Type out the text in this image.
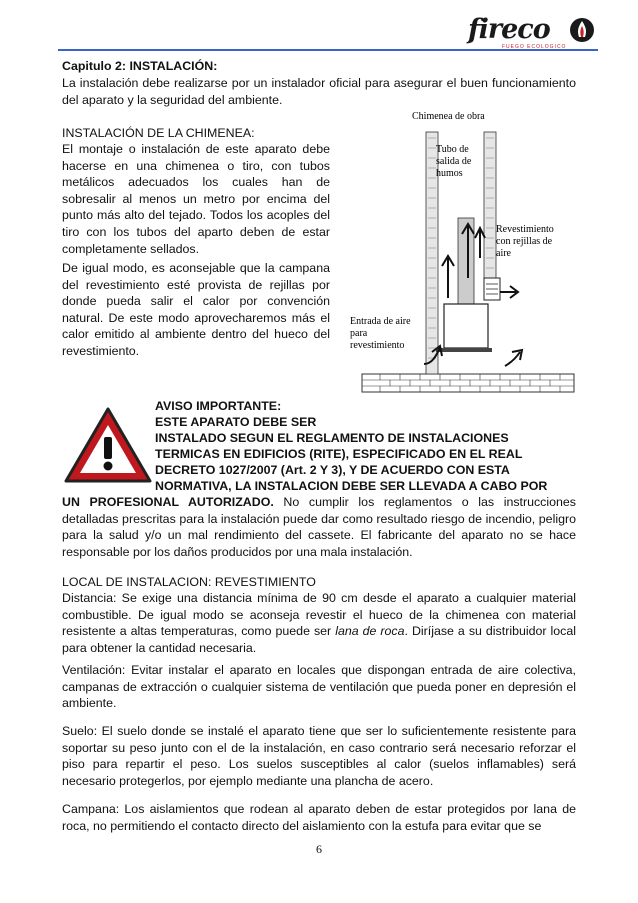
fireco
FUEGO ECOLOGICO
Capitulo 2: INSTALACIÓN:
La instalación debe realizarse por un instalador oficial para asegurar el buen funcionamiento del aparato y la seguridad del ambiente.
INSTALACIÓN DE LA CHIMENEA:
El montaje o instalación de este aparato debe hacerse en una chimenea o tiro, con tubos metálicos adecuados los cuales han de sobresalir al menos un metro por encima del punto más alto del tejado. Todos los acoples del tiro con los tubos del aparto deben de estar completamente sellados.
De igual modo, es aconsejable que la campana del revestimiento esté provista de rejillas por donde pueda salir el calor por convención natural. De este modo aprovecharemos más el calor emitido al ambiente dentro del hueco del revestimiento.
Chimenea de obra
Tubo de
salida de
humos
Revestimiento
con rejillas de
aire
Entrada de aire
para
revestimiento
AVISO IMPORTANTE:
ESTE APARATO DEBE SER
INSTALADO SEGUN EL REGLAMENTO DE INSTALACIONES
TERMICAS EN EDIFICIOS (RITE), ESPECIFICADO EN EL REAL
DECRETO 1027/2007 (Art. 2 Y 3), Y DE ACUERDO CON ESTA
NORMATIVA, LA INSTALACION DEBE SER LLEVADA A CABO POR
UN PROFESIONAL AUTORIZADO. No cumplir los reglamentos o las instrucciones detalladas prescritas para la instalación puede dar como resultado riesgo de incendio, peligro para la salud y/o un mal rendimiento del cassete. El fabricante del aparato no se hace responsable por los daños producidos por una mala instalación.
LOCAL DE INSTALACION: REVESTIMIENTO
Distancia: Se exige una distancia mínima de 90 cm desde el aparato a cualquier material combustible. De igual modo se aconseja revestir el hueco de la chimenea con material resistente a altas temperaturas, como puede ser lana de roca. Diríjase a su distribuidor local para obtener la cantidad necesaria.
Ventilación: Evitar instalar el aparato en locales que dispongan entrada de aire colectiva, campanas de extracción o cualquier sistema de ventilación que pueda poner en depresión el ambiente.
Suelo: El suelo donde se instalé el aparato tiene que ser lo suficientemente resistente para soportar su peso junto con el de la instalación, en caso contrario será necesario reforzar el piso para repartir el peso. Los suelos susceptibles al calor (suelos inflamables) será necesario protegerlos, por ejemplo mediante una plancha de acero.
Campana: Los aislamientos que rodean al aparato deben de estar protegidos por lana de roca, no permitiendo el contacto directo del aislamiento con la estufa para evitar que se
6
